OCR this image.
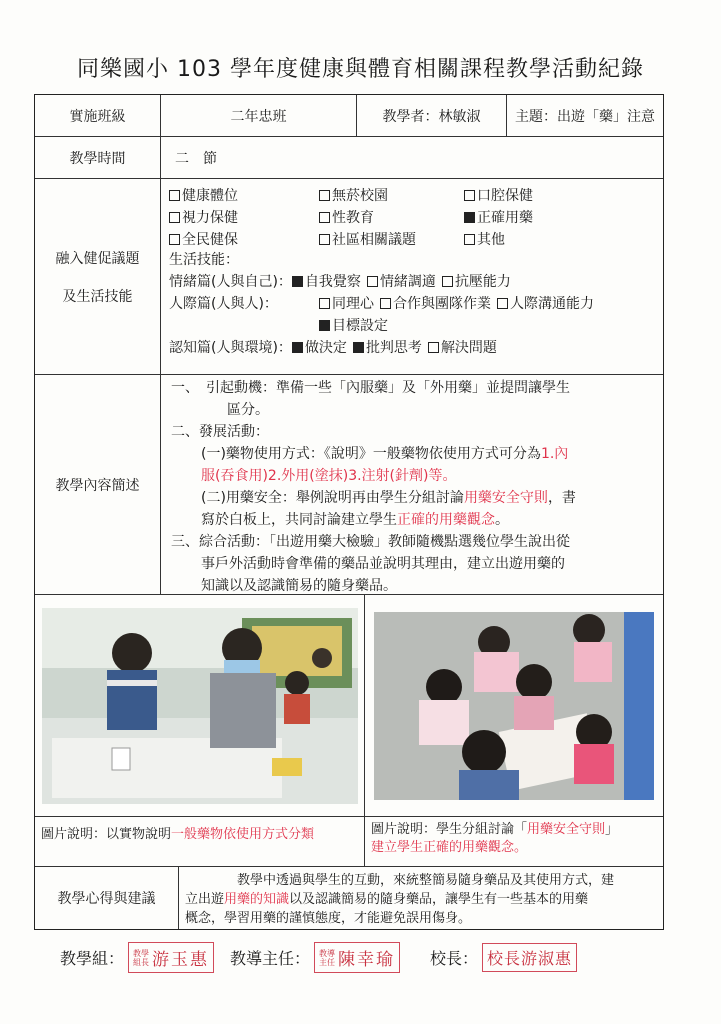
同樂國小 103 學年度健康與體育相關課程教學活動紀錄
實施班級	二年忠班	教學者：林敏淑	主題：出遊「藥」注意
教學時間	二　節
融入健促議題
及生活技能
健康體位	無菸校園	口腔保健
視力保健	性教育	正確用藥
全民健保	社區相關議題	其他
生活技能：
情緒篇(人與自己)： 自我覺察 情緒調適 抗壓能力
人際篇(人與人)：	同理心 合作與團隊作業 人際溝通能力
目標設定
認知篇(人與環境)： 做決定 批判思考 解決問題
教學內容簡述
一、　引起動機：準備一些「內服藥」及「外用藥」並提問讓學生
區分。
二、發展活動：
(一)藥物使用方式：《說明》一般藥物依使用方式可分為1.內
服(吞食用)2.外用(塗抹)3.注射(針劑)等。
(二)用藥安全：舉例說明再由學生分組討論用藥安全守則，書
寫於白板上，共同討論建立學生正確的用藥觀念。
三、綜合活動：「出遊用藥大檢驗」教師隨機點選幾位學生說出從
事戶外活動時會準備的藥品並說明其理由，建立出遊用藥的
知識以及認識簡易的隨身藥品。
圖片說明：以實物說明一般藥物依使用方式分類	圖片說明：學生分組討論「用藥安全守則」
建立學生正確的用藥觀念。
教學心得與建議
教學中透過與學生的互動，來統整簡易隨身藥品及其使用方式，建
立出遊用藥的知識以及認識簡易的隨身藥品，讓學生有一些基本的用藥
概念，學習用藥的謹慎態度，才能避免誤用傷身。
教學組： 教學組長 游玉惠 教導主任： 教導主任 陳幸瑜 校長： 校長游淑惠
